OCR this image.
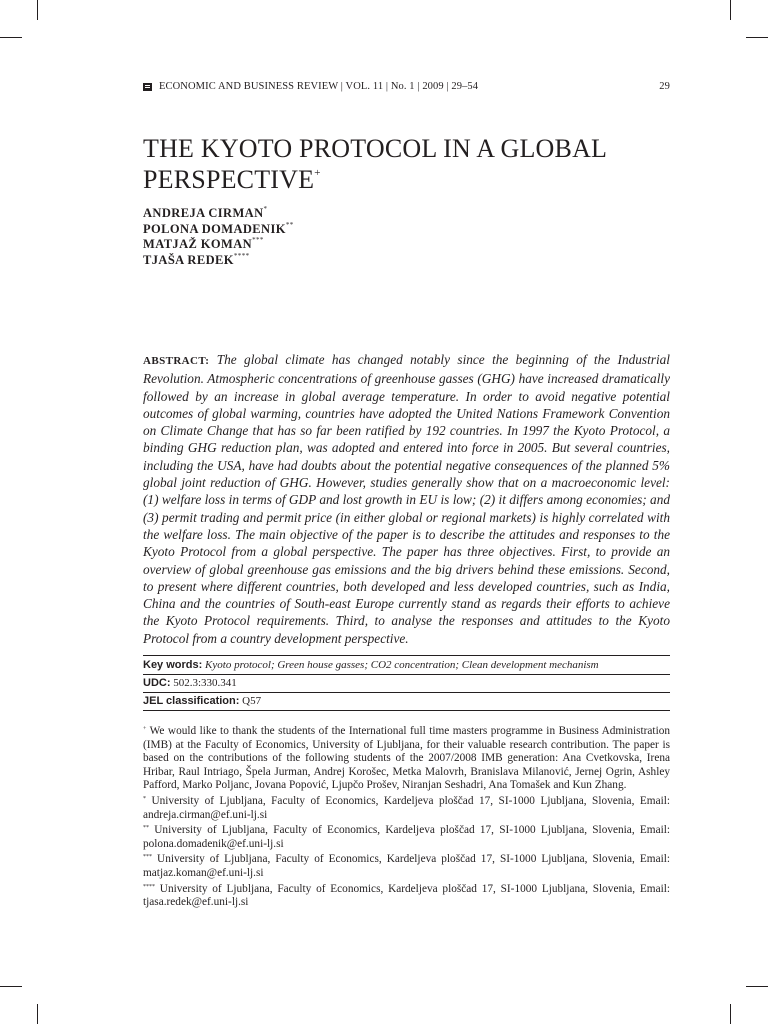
ECONOMIC AND BUSINESS REVIEW | VOL. 11 | No. 1 | 2009 | 29–54	29
THE KYOTO PROTOCOL IN A GLOBAL PERSPECTIVE+
ANDREJA CIRMAN*
POLONA DOMADENIK**
MATJAŽ KOMAN***
TJAŠA REDEK****

ABSTRACT: The global climate has changed notably since the beginning of the Industrial Revolution. Atmospheric concentrations of greenhouse gasses (GHG) have increased dramatically followed by an increase in global average temperature. In order to avoid negative potential outcomes of global warming, countries have adopted the United Nations Framework Convention on Climate Change that has so far been ratified by 192 countries. In 1997 the Kyoto Protocol, a binding GHG reduction plan, was adopted and entered into force in 2005. But several countries, including the USA, have had doubts about the potential negative consequences of the planned 5% global joint reduction of GHG. However, studies generally show that on a macroeconomic level: (1) welfare loss in terms of GDP and lost growth in EU is low; (2) it differs among economies; and (3) permit trading and permit price (in either global or regional markets) is highly correlated with the welfare loss. The main objective of the paper is to describe the attitudes and responses to the Kyoto Protocol from a global perspective. The paper has three objectives. First, to provide an overview of global greenhouse gas emissions and the big drivers behind these emissions. Second, to present where different countries, both developed and less developed countries, such as India, China and the countries of South-east Europe currently stand as regards their efforts to achieve the Kyoto Protocol requirements. Third, to analyse the responses and attitudes to the Kyoto Protocol from a country development perspective.

Key words: Kyoto protocol; Green house gasses; CO2 concentration; Clean development mechanism
UDC: 502.3:330.341
JEL classification: Q57

+ We would like to thank the students of the International full time masters programme in Business Administration (IMB) at the Faculty of Economics, University of Ljubljana, for their valuable research contribution. The paper is based on the contributions of the following students of the 2007/2008 IMB generation: Ana Cvetkovska, Irena Hribar, Raul Intriago, Špela Jurman, Andrej Korošec, Metka Malovrh, Branislava Milanović, Jernej Ogrin, Ashley Pafford, Marko Poljanc, Jovana Popović, Ljupčo Prošev, Niranjan Seshadri, Ana Tomašek and Kun Zhang.

* University of Ljubljana, Faculty of Economics, Kardeljeva ploščad 17, SI-1000 Ljubljana, Slovenia, Email: andreja.cirman@ef.uni-lj.si

** University of Ljubljana, Faculty of Economics, Kardeljeva ploščad 17, SI-1000 Ljubljana, Slovenia, Email: polona.domadenik@ef.uni-lj.si

*** University of Ljubljana, Faculty of Economics, Kardeljeva ploščad 17, SI-1000 Ljubljana, Slovenia, Email: matjaz.koman@ef.uni-lj.si

**** University of Ljubljana, Faculty of Economics, Kardeljeva ploščad 17, SI-1000 Ljubljana, Slovenia, Email: tjasa.redek@ef.uni-lj.si
